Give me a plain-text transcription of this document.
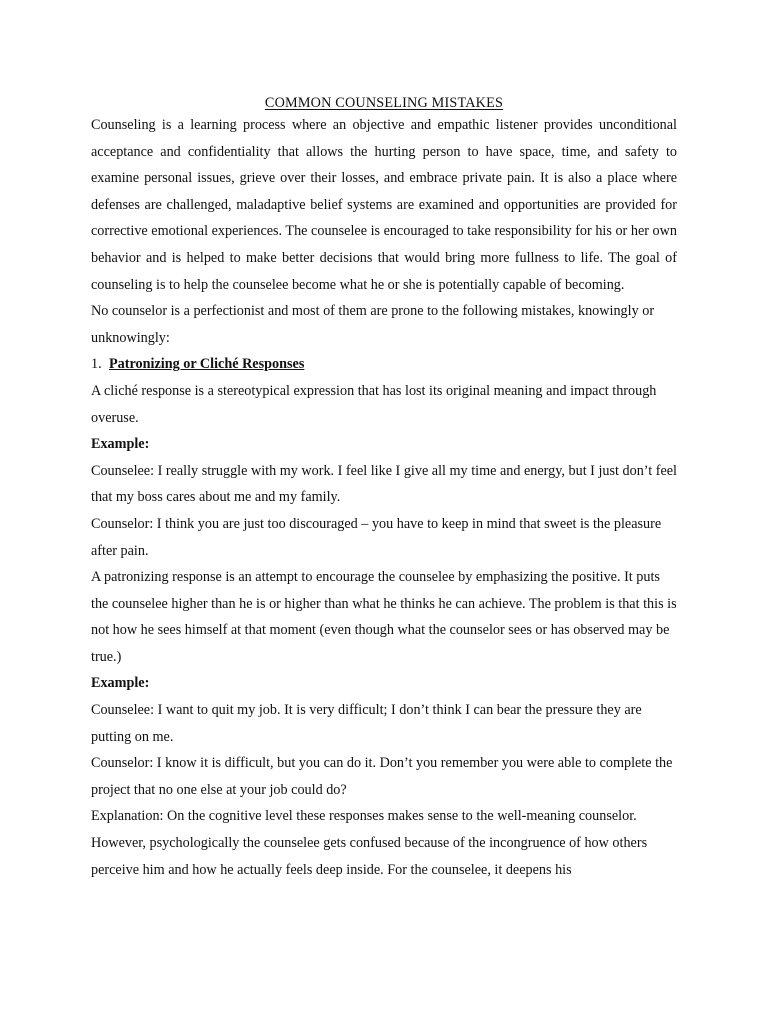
COMMON COUNSELING MISTAKES

Counseling is a learning process where an objective and empathic listener provides unconditional acceptance and confidentiality that allows the hurting person to have space, time, and safety to examine personal issues, grieve over their losses, and embrace private pain. It is also a place where defenses are challenged, maladaptive belief systems are examined and opportunities are provided for corrective emotional experiences. The counselee is encouraged to take responsibility for his or her own behavior and is helped to make better decisions that would bring more fullness to life. The goal of counseling is to help the counselee become what he or she is potentially capable of becoming.

No counselor is a perfectionist and most of them are prone to the following mistakes, knowingly or unknowingly:

1. Patronizing or Cliché Responses

A cliché response is a stereotypical expression that has lost its original meaning and impact through overuse.

Example:

Counselee: I really struggle with my work. I feel like I give all my time and energy, but I just don’t feel that my boss cares about me and my family.

Counselor: I think you are just too discouraged – you have to keep in mind that sweet is the pleasure after pain.

A patronizing response is an attempt to encourage the counselee by emphasizing the positive. It puts the counselee higher than he is or higher than what he thinks he can achieve. The problem is that this is not how he sees himself at that moment (even though what the counselor sees or has observed may be true.)

Example:

Counselee: I want to quit my job. It is very difficult; I don’t think I can bear the pressure they are putting on me.

Counselor: I know it is difficult, but you can do it. Don’t you remember you were able to complete the project that no one else at your job could do?

Explanation: On the cognitive level these responses makes sense to the well-meaning counselor. However, psychologically the counselee gets confused because of the incongruence of how others perceive him and how he actually feels deep inside. For the counselee, it deepens his
